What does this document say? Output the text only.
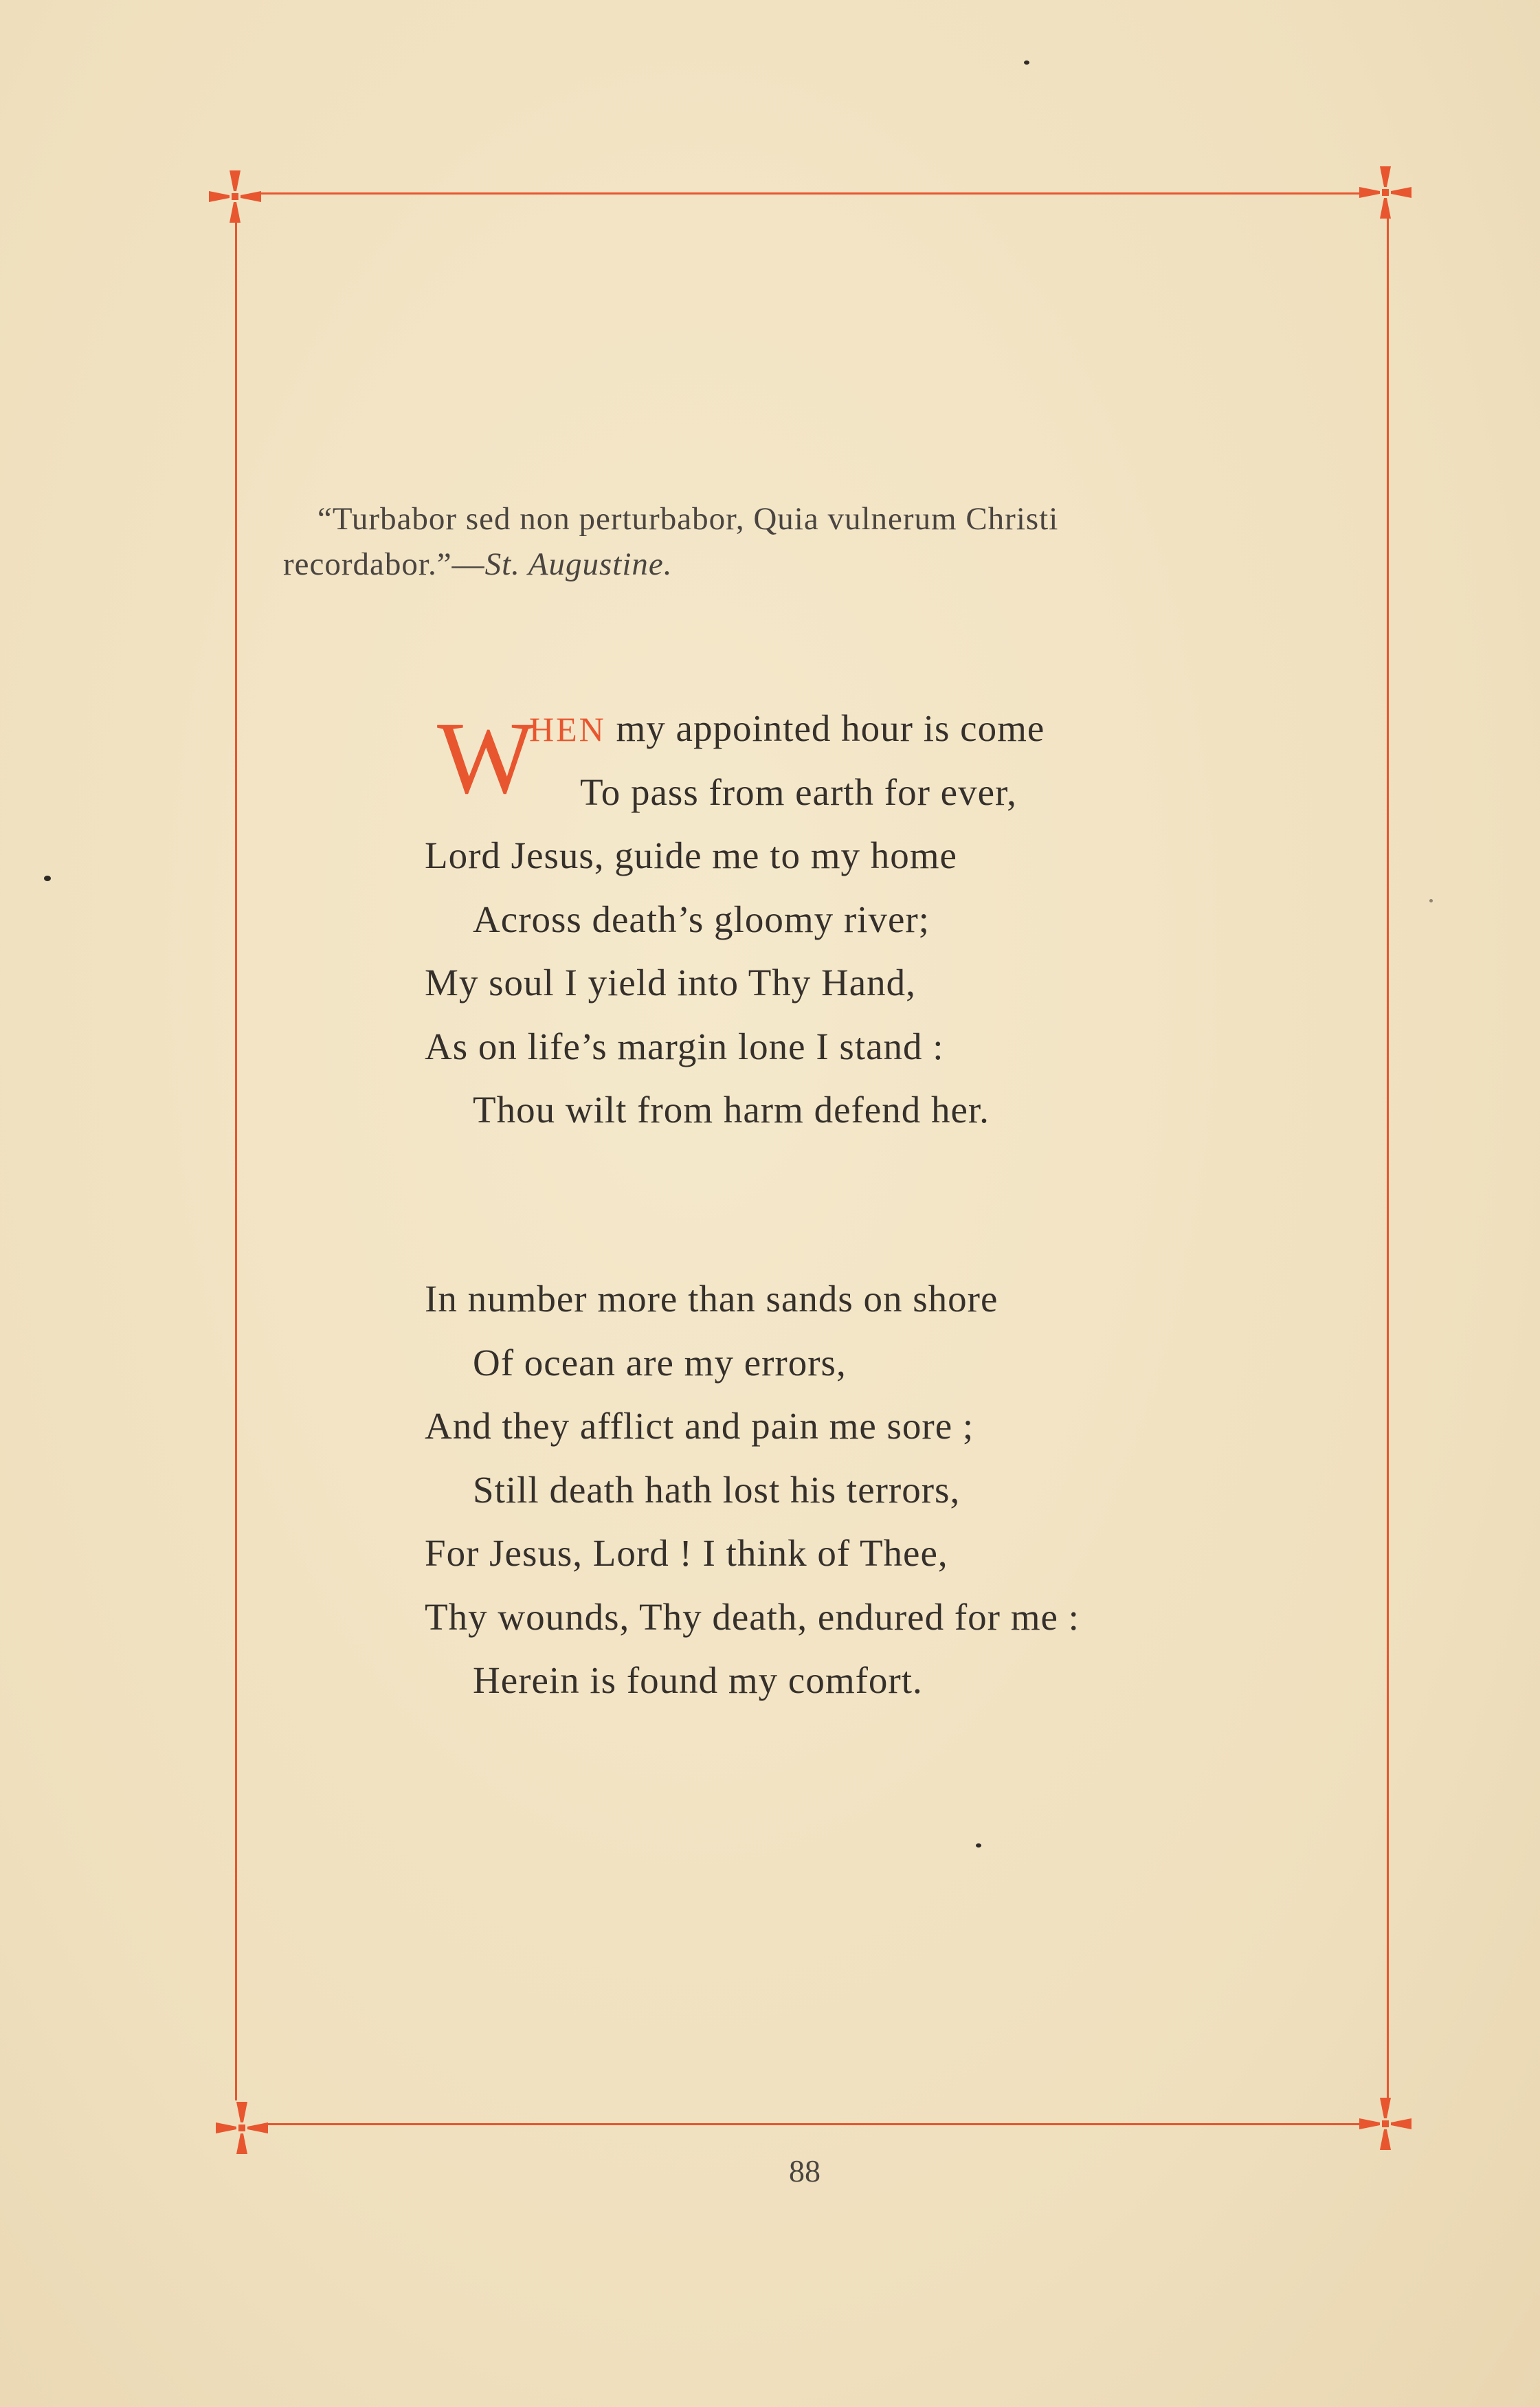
“Turbabor sed non perturbabor, Quia vulnerum Christi
recordabor.”—St. Augustine.
W
HEN my appointed hour is come
To pass from earth for ever,
Lord Jesus, guide me to my home
Across death’s gloomy river;
My soul I yield into Thy Hand,
As on life’s margin lone I stand :
Thou wilt from harm defend her.
In number more than sands on shore
Of ocean are my errors,
And they afflict and pain me sore ;
Still death hath lost his terrors,
For Jesus, Lord ! I think of Thee,
Thy wounds, Thy death, endured for me :
Herein is found my comfort.
88
